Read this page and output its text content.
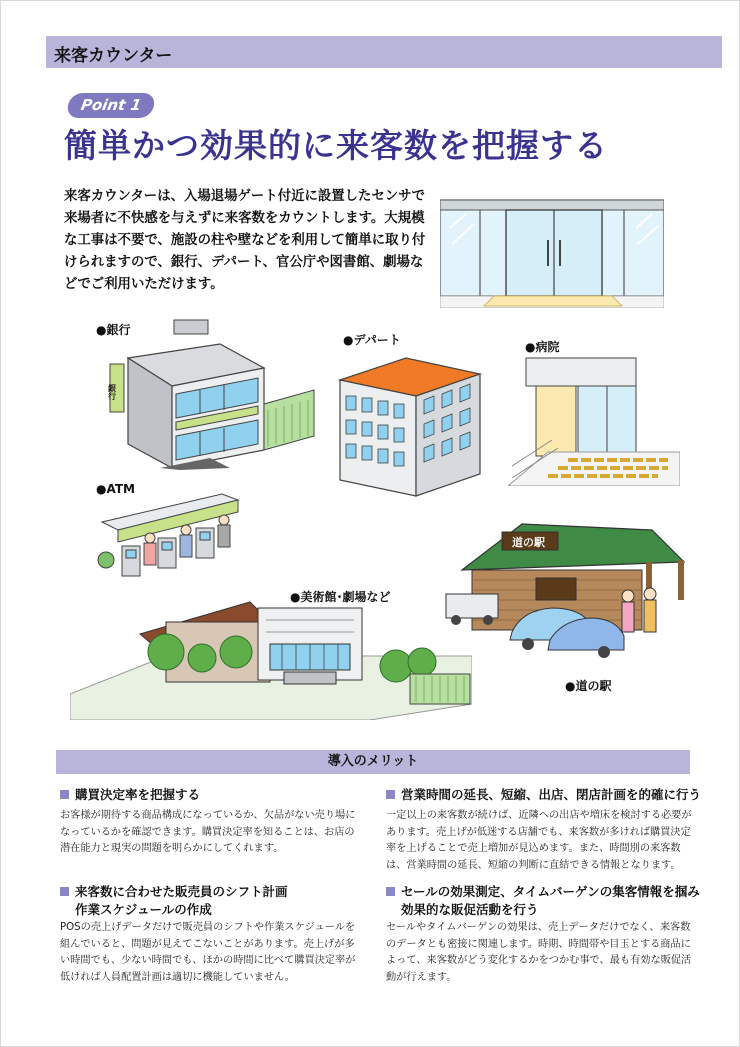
来客カウンター
Point 1
簡単かつ効果的に来客数を把握する
来客カウンターは、入場退場ゲート付近に設置したセンサで来場者に不快感を与えずに来客数をカウントします。大規模な工事は不要で、施設の柱や壁などを利用して簡単に取り付けられますので、銀行、デパート、官公庁や図書館、劇場などでご利用いただけます。
●銀行
銀行
●デパート	●病院
●ATM
道の駅
●道の駅
●美術館･劇場など
導入のメリット
購買決定率を把握する
お客様が期待する商品構成になっているか、欠品がない売り場になっているかを確認できます。購買決定率を知ることは、お店の潜在能力と現実の問題を明らかにしてくれます。
営業時間の延長、短縮、出店、閉店計画を的確に行う
一定以上の来客数が続けば、近隣への出店や増床を検討する必要があります。売上げが低迷する店舗でも、来客数が多ければ購買決定率を上げることで売上増加が見込めます。また、時間別の来客数は、営業時間の延長、短縮の判断に直結できる情報となります。
来客数に合わせた販売員のシフト計画
作業スケジュールの作成
POSの売上げデータだけで販売員のシフトや作業スケジュールを組んでいると、問題が見えてこないことがあります。売上げが多い時間でも、少ない時間でも、ほかの時間に比べて購買決定率が低ければ人員配置計画は適切に機能していません。
セールの効果測定、タイムバーゲンの集客情報を掴み
効果的な販促活動を行う
セールやタイムバーゲンの効果は、売上データだけでなく、来客数のデータとも密接に関連します。時期、時間帯や目玉とする商品によって、来客数がどう変化するかをつかむ事で、最も有効な販促活動が行えます。
